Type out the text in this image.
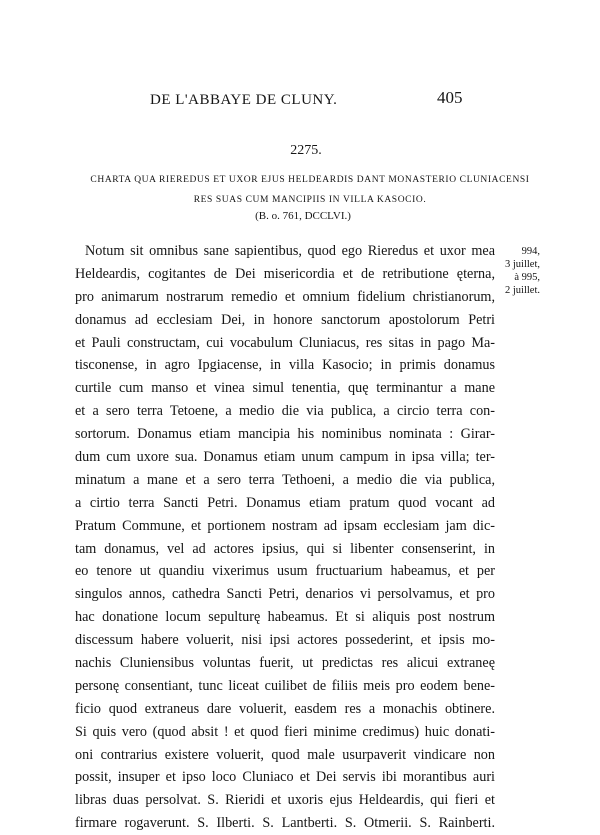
DE L'ABBAYE DE CLUNY.	405
2275.
CHARTA QUA RIEREDUS ET UXOR EJUS HELDEARDIS DANT MONASTERIO CLUNIACENSI
RES SUAS CUM MANCIPIIS IN VILLA KASOCIO.
(B. o. 761, DCCLVI.)
994,
3 juillet,
à 995,
2 juillet.
Notum sit omnibus sane sapientibus, quod ego Rieredus et uxor mea
Heldeardis, cogitantes de Dei misericordia et de retributione ęterna,
pro animarum nostrarum remedio et omnium fidelium christianorum,
donamus ad ecclesiam Dei, in honore sanctorum apostolorum Petri
et Pauli constructam, cui vocabulum Cluniacus, res sitas in pago Ma-
tisconense, in agro Ipgiacense, in villa Kasocio; in primis donamus
curtile cum manso et vinea simul tenentia, quę terminantur a mane
et a sero terra Tetoene, a medio die via publica, a circio terra con-
sortorum. Donamus etiam mancipia his nominibus nominata : Girar-
dum cum uxore sua. Donamus etiam unum campum in ipsa villa; ter-
minatum a mane et a sero terra Tethoeni, a medio die via publica,
a cirtio terra Sancti Petri. Donamus etiam pratum quod vocant ad
Pratum Commune, et portionem nostram ad ipsam ecclesiam jam dic-
tam donamus, vel ad actores ipsius, qui si libenter consenserint, in
eo tenore ut quandiu vixerimus usum fructuarium habeamus, et per
singulos annos, cathedra Sancti Petri, denarios vi persolvamus, et pro
hac donatione locum sepulturę habeamus. Et si aliquis post nostrum
discessum habere voluerit, nisi ipsi actores possederint, et ipsis mo-
nachis Cluniensibus voluntas fuerit, ut predictas res alicui extraneę
personę consentiant, tunc liceat cuilibet de filiis meis pro eodem bene-
ficio quod extraneus dare voluerit, easdem res a monachis obtinere.
Si quis vero (quod absit ! et quod fieri minime credimus) huic donati-
oni contrarius existere voluerit, quod male usurpaverit vindicare non
possit, insuper et ipso loco Cluniaco et Dei servis ibi morantibus auri
libras duas persolvat. S. Rieridi et uxoris ejus Heldeardis, qui fieri et
firmare rogaverunt. S. Ilberti. S. Lantberti. S. Otmerii. S. Rainberti.
